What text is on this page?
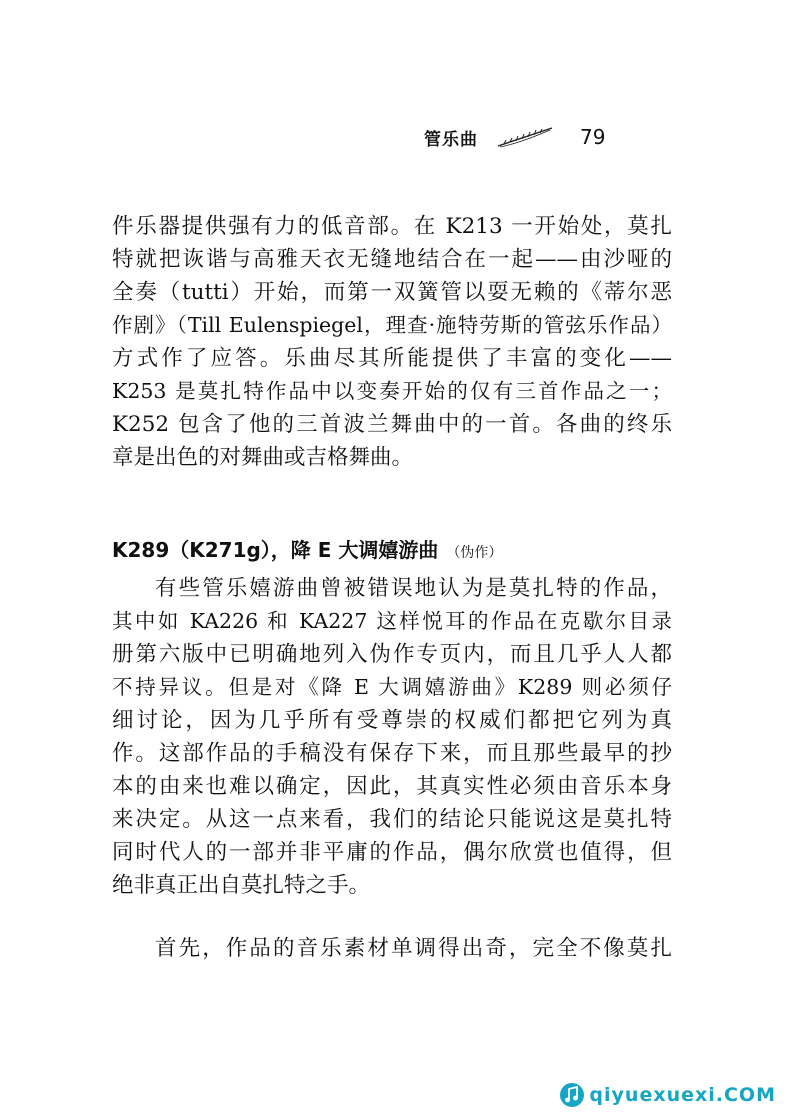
管乐曲	79
件乐器提供强有力的低音部。在 K213 一开始处，莫扎
特就把诙谐与高雅天衣无缝地结合在一起——由沙哑的
全奏（tutti）开始，而第一双簧管以耍无赖的《蒂尔恶
作剧》（Till Eulenspiegel，理查·施特劳斯的管弦乐作品）
方式作了应答。乐曲尽其所能提供了丰富的变化——
K253 是莫扎特作品中以变奏开始的仅有三首作品之一；
K252 包含了他的三首波兰舞曲中的一首。各曲的终乐
章是出色的对舞曲或吉格舞曲。
K289（K271g），降 E 大调嬉游曲 （伪作）
有些管乐嬉游曲曾被错误地认为是莫扎特的作品，
其中如 KA226 和 KA227 这样悦耳的作品在克歇尔目录
册第六版中已明确地列入伪作专页内，而且几乎人人都
不持异议。但是对《降 E 大调嬉游曲》K289 则必须仔
细讨论，因为几乎所有受尊崇的权威们都把它列为真
作。这部作品的手稿没有保存下来，而且那些最早的抄
本的由来也难以确定，因此，其真实性必须由音乐本身
来决定。从这一点来看，我们的结论只能说这是莫扎特
同时代人的一部并非平庸的作品，偶尔欣赏也值得，但
绝非真正出自莫扎特之手。
首先，作品的音乐素材单调得出奇，完全不像莫扎
qiyuexuexi.COM
